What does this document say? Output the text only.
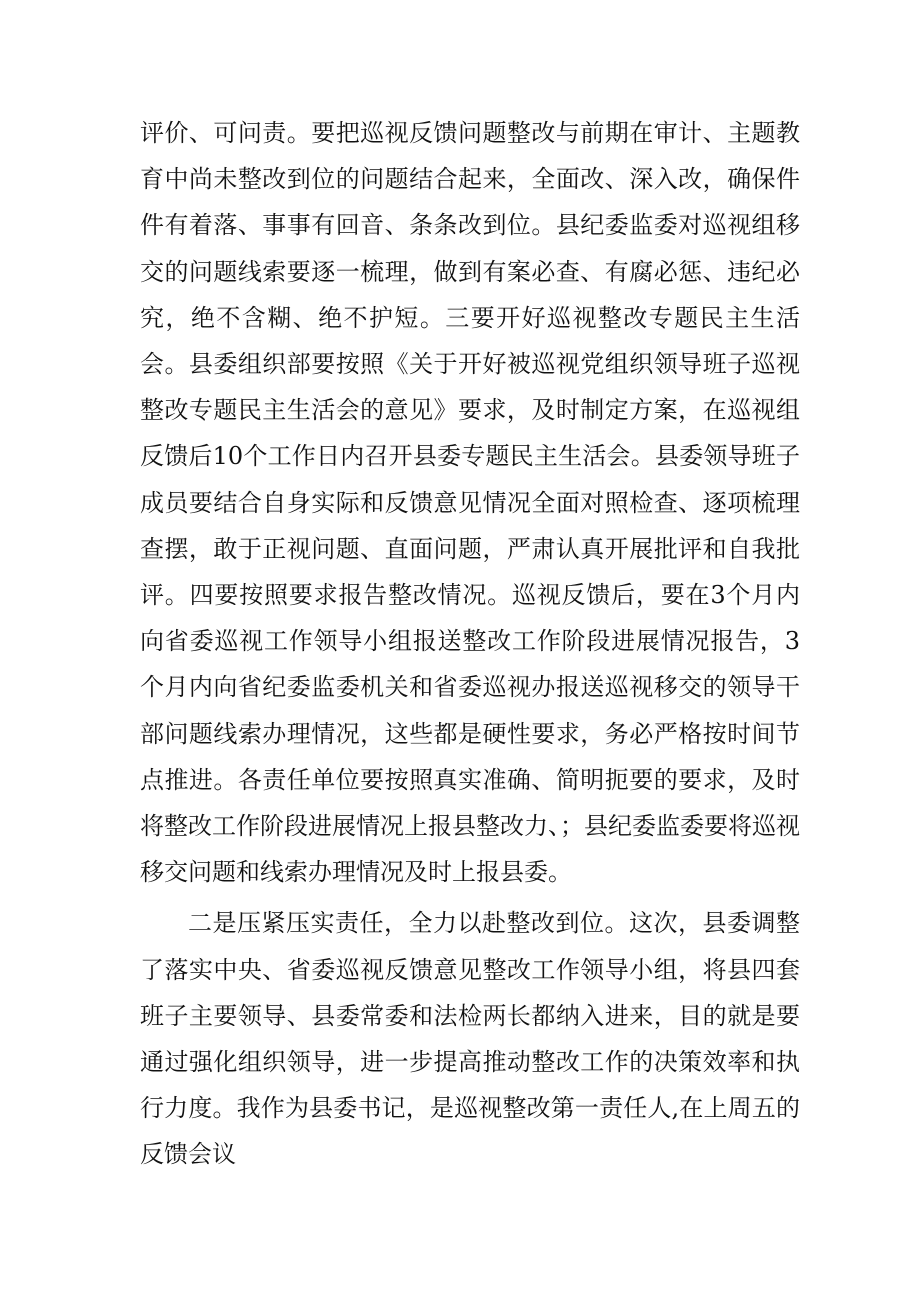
评价、可问责。要把巡视反馈问题整改与前期在审计、主题教育中尚未整改到位的问题结合起来，全面改、深入改，确保件件有着落、事事有回音、条条改到位。县纪委监委对巡视组移交的问题线索要逐一梳理，做到有案必查、有腐必惩、违纪必究，绝不含糊、绝不护短。三要开好巡视整改专题民主生活会。县委组织部要按照《关于开好被巡视党组织领导班子巡视整改专题民主生活会的意见》要求，及时制定方案，在巡视组反馈后10个工作日内召开县委专题民主生活会。县委领导班子成员要结合自身实际和反馈意见情况全面对照检查、逐项梳理查摆，敢于正视问题、直面问题，严肃认真开展批评和自我批评。四要按照要求报告整改情况。巡视反馈后，要在3个月内向省委巡视工作领导小组报送整改工作阶段进展情况报告，3个月内向省纪委监委机关和省委巡视办报送巡视移交的领导干部问题线索办理情况，这些都是硬性要求，务必严格按时间节点推进。各责任单位要按照真实准确、简明扼要的要求，及时将整改工作阶段进展情况上报县整改力、；县纪委监委要将巡视移交问题和线索办理情况及时上报县委。

二是压紧压实责任，全力以赴整改到位。这次，县委调整了落实中央、省委巡视反馈意见整改工作领导小组，将县四套班子主要领导、县委常委和法检两长都纳入进来，目的就是要通过强化组织领导，进一步提高推动整改工作的决策效率和执行力度。我作为县委书记，是巡视整改第一责任人,在上周五的反馈会议
